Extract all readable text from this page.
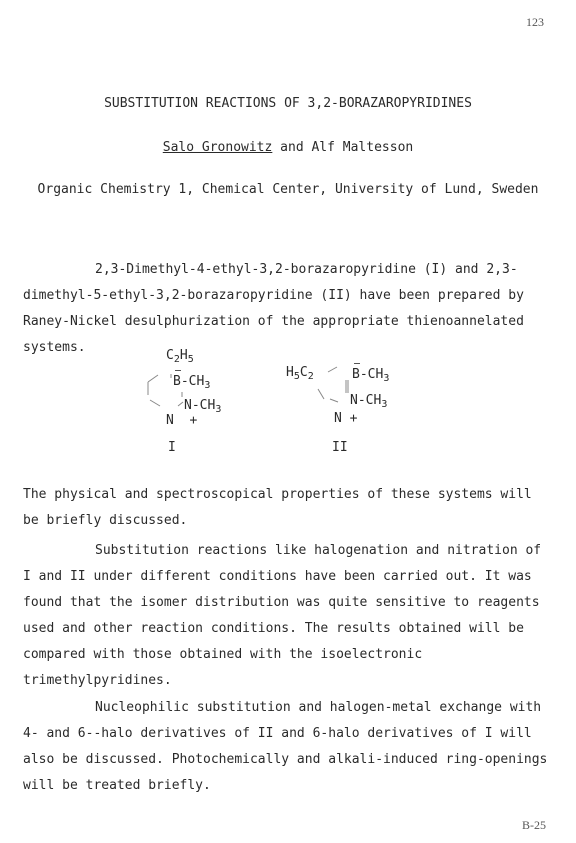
123
SUBSTITUTION REACTIONS OF 3,2-BORAZAROPYRIDINES
Salo Gronowitz and Alf Maltesson
Organic Chemistry 1, Chemical Center, University of Lund, Sweden

2,3-Dimethyl-4-ethyl-3,2-borazaropyridine (I) and 2,3-dimethyl-5-ethyl-3,2-borazaropyridine (II) have been prepared by Raney-Nickel desulphurization of the appropriate thienoannelated systems.

$C_2H_5$
$B-CH_3$
$N-CH_3$
N +
I
$H_5C_2$	$B-CH_3$
$N-CH_3$
N +
II

The physical and spectroscopical properties of these systems will be briefly discussed.

Substitution reactions like halogenation and nitration of I and II under different conditions have been carried out. It was found that the isomer distribution was quite sensitive to reagents used and other reaction conditions. The results obtained will be compared with those obtained with the isoelectronic trimethylpyridines.

Nucleophilic substitution and halogen-metal exchange with 4- and 6--halo derivatives of II and 6-halo derivatives of I will also be discussed. Photochemically and alkali-induced ring-openings will be treated briefly.

B-25
